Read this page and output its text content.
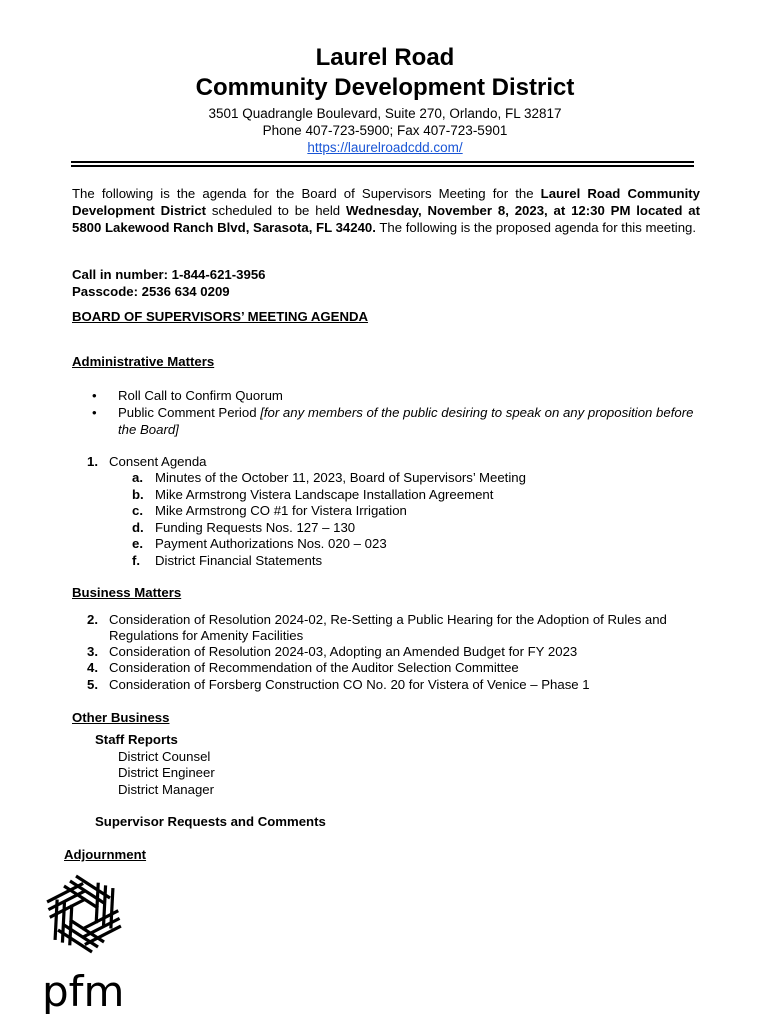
Laurel Road
Community Development District
3501 Quadrangle Boulevard, Suite 270, Orlando, FL 32817
Phone 407-723-5900; Fax 407-723-5901
https://laurelroadcdd.com/
The following is the agenda for the Board of Supervisors Meeting for the Laurel Road Community Development District scheduled to be held Wednesday, November 8, 2023, at 12:30 PM located at 5800 Lakewood Ranch Blvd, Sarasota, FL 34240. The following is the proposed agenda for this meeting.
Call in number: 1-844-621-3956
Passcode: 2536 634 0209
BOARD OF SUPERVISORS’ MEETING AGENDA
Administrative Matters
• Roll Call to Confirm Quorum
• Public Comment Period [for any members of the public desiring to speak on any proposition before the Board]
1. Consent Agenda
a. Minutes of the October 11, 2023, Board of Supervisors’ Meeting
b. Mike Armstrong Vistera Landscape Installation Agreement
c. Mike Armstrong CO #1 for Vistera Irrigation
d. Funding Requests Nos. 127 – 130
e. Payment Authorizations Nos. 020 – 023
f. District Financial Statements
Business Matters
2. Consideration of Resolution 2024-02, Re-Setting a Public Hearing for the Adoption of Rules and
Regulations for Amenity Facilities
3. Consideration of Resolution 2024-03, Adopting an Amended Budget for FY 2023
4. Consideration of Recommendation of the Auditor Selection Committee
5. Consideration of Forsberg Construction CO No. 20 for Vistera of Venice – Phase 1
Other Business
Staff Reports
District Counsel
District Engineer
District Manager
Supervisor Requests and Comments
Adjournment
pfm
